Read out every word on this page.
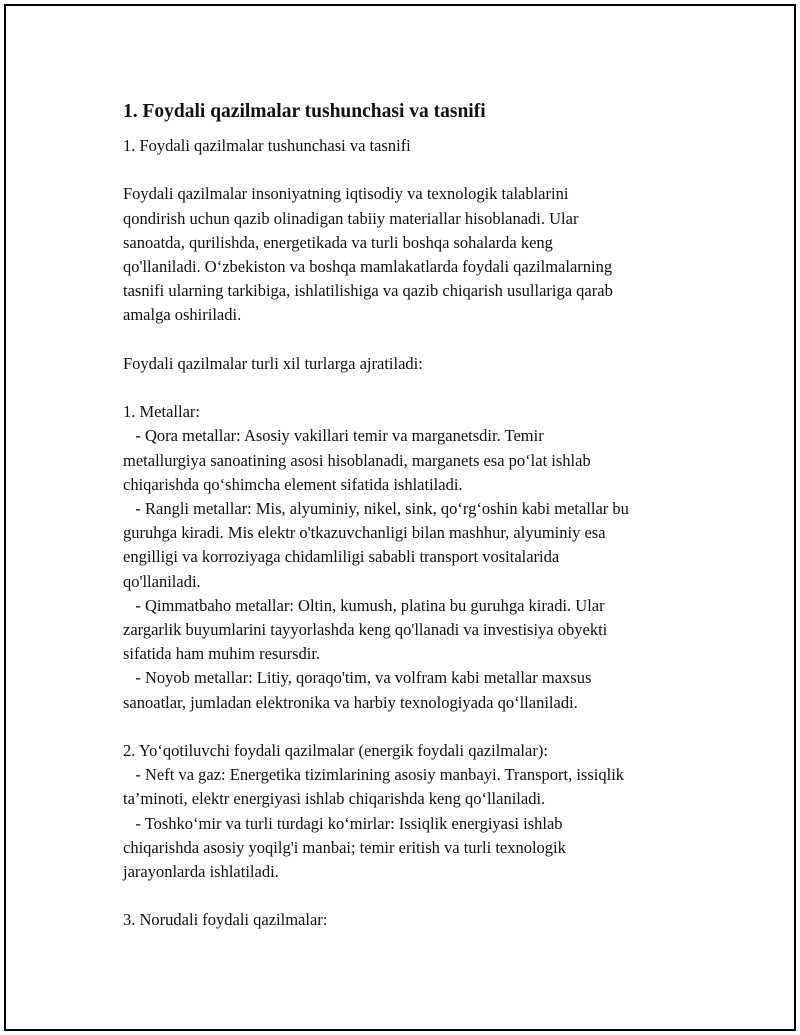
1. Foydali qazilmalar tushunchasi va tasnifi

1. Foydali qazilmalar tushunchasi va tasnifi

Foydali qazilmalar insoniyatning iqtisodiy va texnologik talablarini
qondirish uchun qazib olinadigan tabiiy materiallar hisoblanadi. Ular
sanoatda, qurilishda, energetikada va turli boshqa sohalarda keng
qo'llaniladi. O‘zbekiston va boshqa mamlakatlarda foydali qazilmalarning
tasnifi ularning tarkibiga, ishlatilishiga va qazib chiqarish usullariga qarab
amalga oshiriladi.

Foydali qazilmalar turli xil turlarga ajratiladi:

1. Metallar:
- Qora metallar: Asosiy vakillari temir va marganetsdir. Temir
metallurgiya sanoatining asosi hisoblanadi, marganets esa po‘lat ishlab
chiqarishda qo‘shimcha element sifatida ishlatiladi.
- Rangli metallar: Mis, alyuminiy, nikel, sink, qo‘rg‘oshin kabi metallar bu
guruhga kiradi. Mis elektr o'tkazuvchanligi bilan mashhur, alyuminiy esa
engilligi va korroziyaga chidamliligi sababli transport vositalarida
qo'llaniladi.
- Qimmatbaho metallar: Oltin, kumush, platina bu guruhga kiradi. Ular
zargarlik buyumlarini tayyorlashda keng qo'llanadi va investisiya obyekti
sifatida ham muhim resursdir.
- Noyob metallar: Litiy, qoraqo'tim, va volfram kabi metallar maxsus
sanoatlar, jumladan elektronika va harbiy texnologiyada qo‘llaniladi.

2. Yo‘qotiluvchi foydali qazilmalar (energik foydali qazilmalar):
- Neft va gaz: Energetika tizimlarining asosiy manbayi. Transport, issiqlik
ta’minoti, elektr energiyasi ishlab chiqarishda keng qo‘llaniladi.
- Toshko‘mir va turli turdagi ko‘mirlar: Issiqlik energiyasi ishlab
chiqarishda asosiy yoqilg'i manbai; temir eritish va turli texnologik
jarayonlarda ishlatiladi.

3. Norudali foydali qazilmalar:
